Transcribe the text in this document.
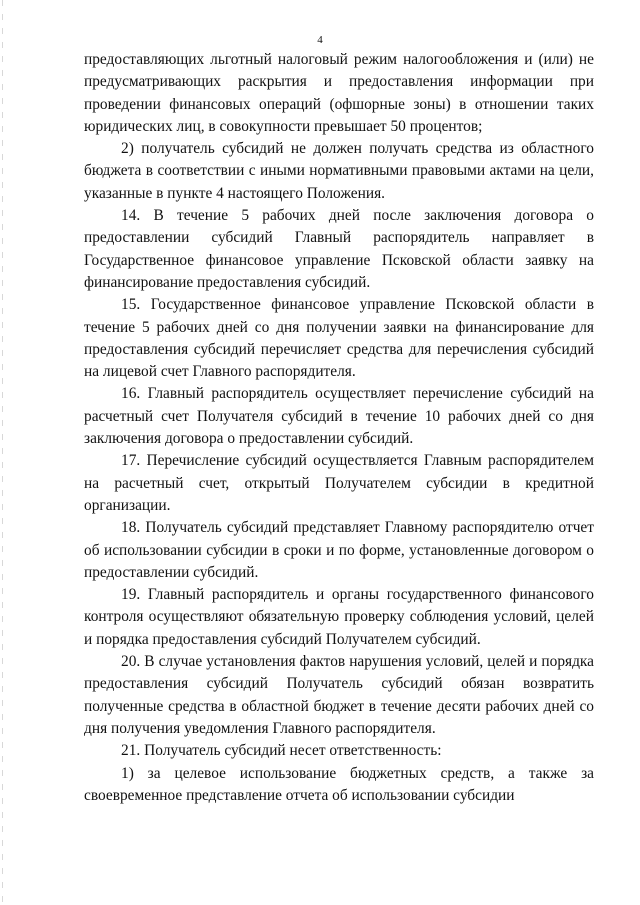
4

предоставляющих льготный налоговый режим налогообложения и (или) не предусматривающих раскрытия и предоставления информации при проведении финансовых операций (офшорные зоны) в отношении таких юридических лиц, в совокупности превышает 50 процентов;

2) получатель субсидий не должен получать средства из областного бюджета в соответствии с иными нормативными правовыми актами на цели, указанные в пункте 4 настоящего Положения.

14. В течение 5 рабочих дней после заключения договора о предоставлении субсидий Главный распорядитель направляет в Государственное финансовое управление Псковской области заявку на финансирование предоставления субсидий.

15. Государственное финансовое управление Псковской области в течение 5 рабочих дней со дня получении заявки на финансирование для предоставления субсидий перечисляет средства для перечисления субсидий на лицевой счет Главного распорядителя.

16. Главный распорядитель осуществляет перечисление субсидий на расчетный счет Получателя субсидий в течение 10 рабочих дней со дня заключения договора о предоставлении субсидий.

17. Перечисление субсидий осуществляется Главным распорядителем на расчетный счет, открытый Получателем субсидии в кредитной организации.

18. Получатель субсидий представляет Главному распорядителю отчет об использовании субсидии в сроки и по форме, установленные договором о предоставлении субсидий.

19. Главный распорядитель и органы государственного финансового контроля осуществляют обязательную проверку соблюдения условий, целей и порядка предоставления субсидий Получателем субсидий.

20. В случае установления фактов нарушения условий, целей и порядка предоставления субсидий Получатель субсидий обязан возвратить полученные средства в областной бюджет в течение десяти рабочих дней со дня получения уведомления Главного распорядителя.

21. Получатель субсидий несет ответственность:

1) за целевое использование бюджетных средств, а также за своевременное представление отчета об использовании субсидии
